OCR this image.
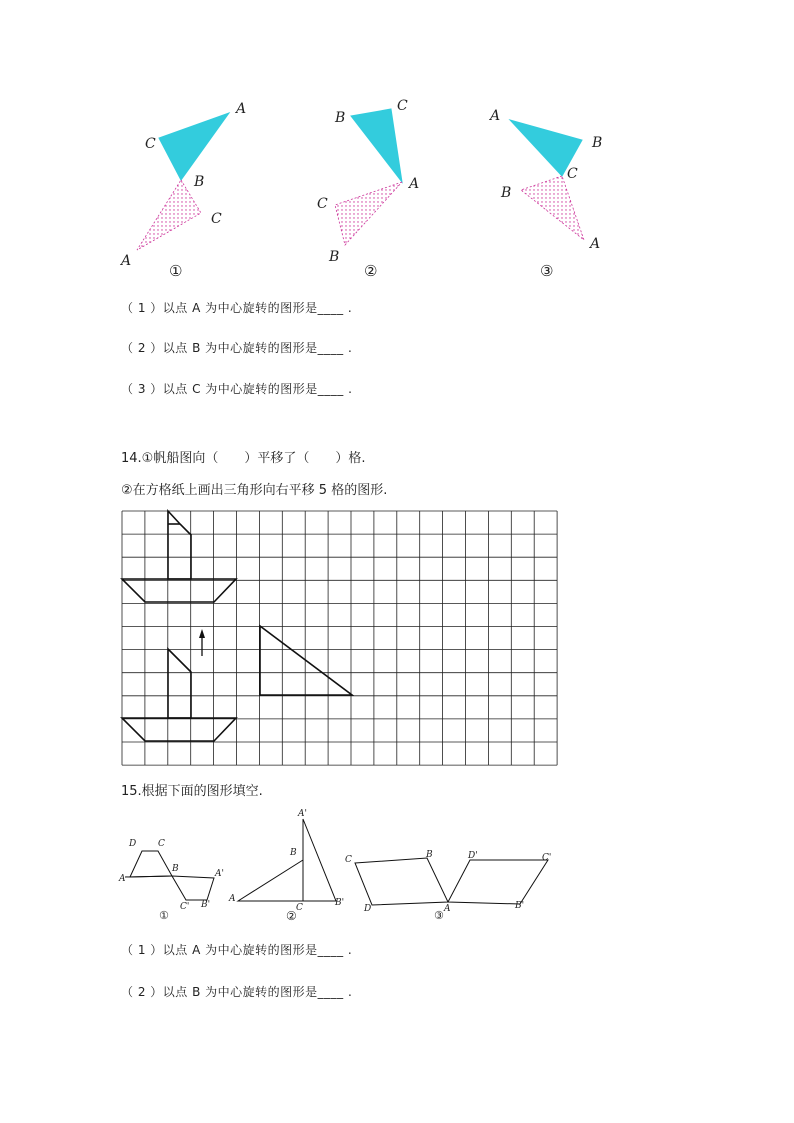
A
C
B
C
A
①
B
C
A
C
B
②
A
B
C
B
A
③
（ 1 ）以点 A 为中心旋转的图形是____ .
（ 2 ）以点 B 为中心旋转的图形是____ .
（ 3 ）以点 C 为中心旋转的图形是____ .
14.①帆船图向（　　）平移了（　　）格.
②在方格纸上画出三角形向右平移 5 格的图形.
15.根据下面的图形填空.
D C
B
A	A'
C' B'
①
A'
B
A
C	B'
②
C	B	D'	C'
D	A	B'
③
（ 1 ）以点 A 为中心旋转的图形是____ .
（ 2 ）以点 B 为中心旋转的图形是____ .
